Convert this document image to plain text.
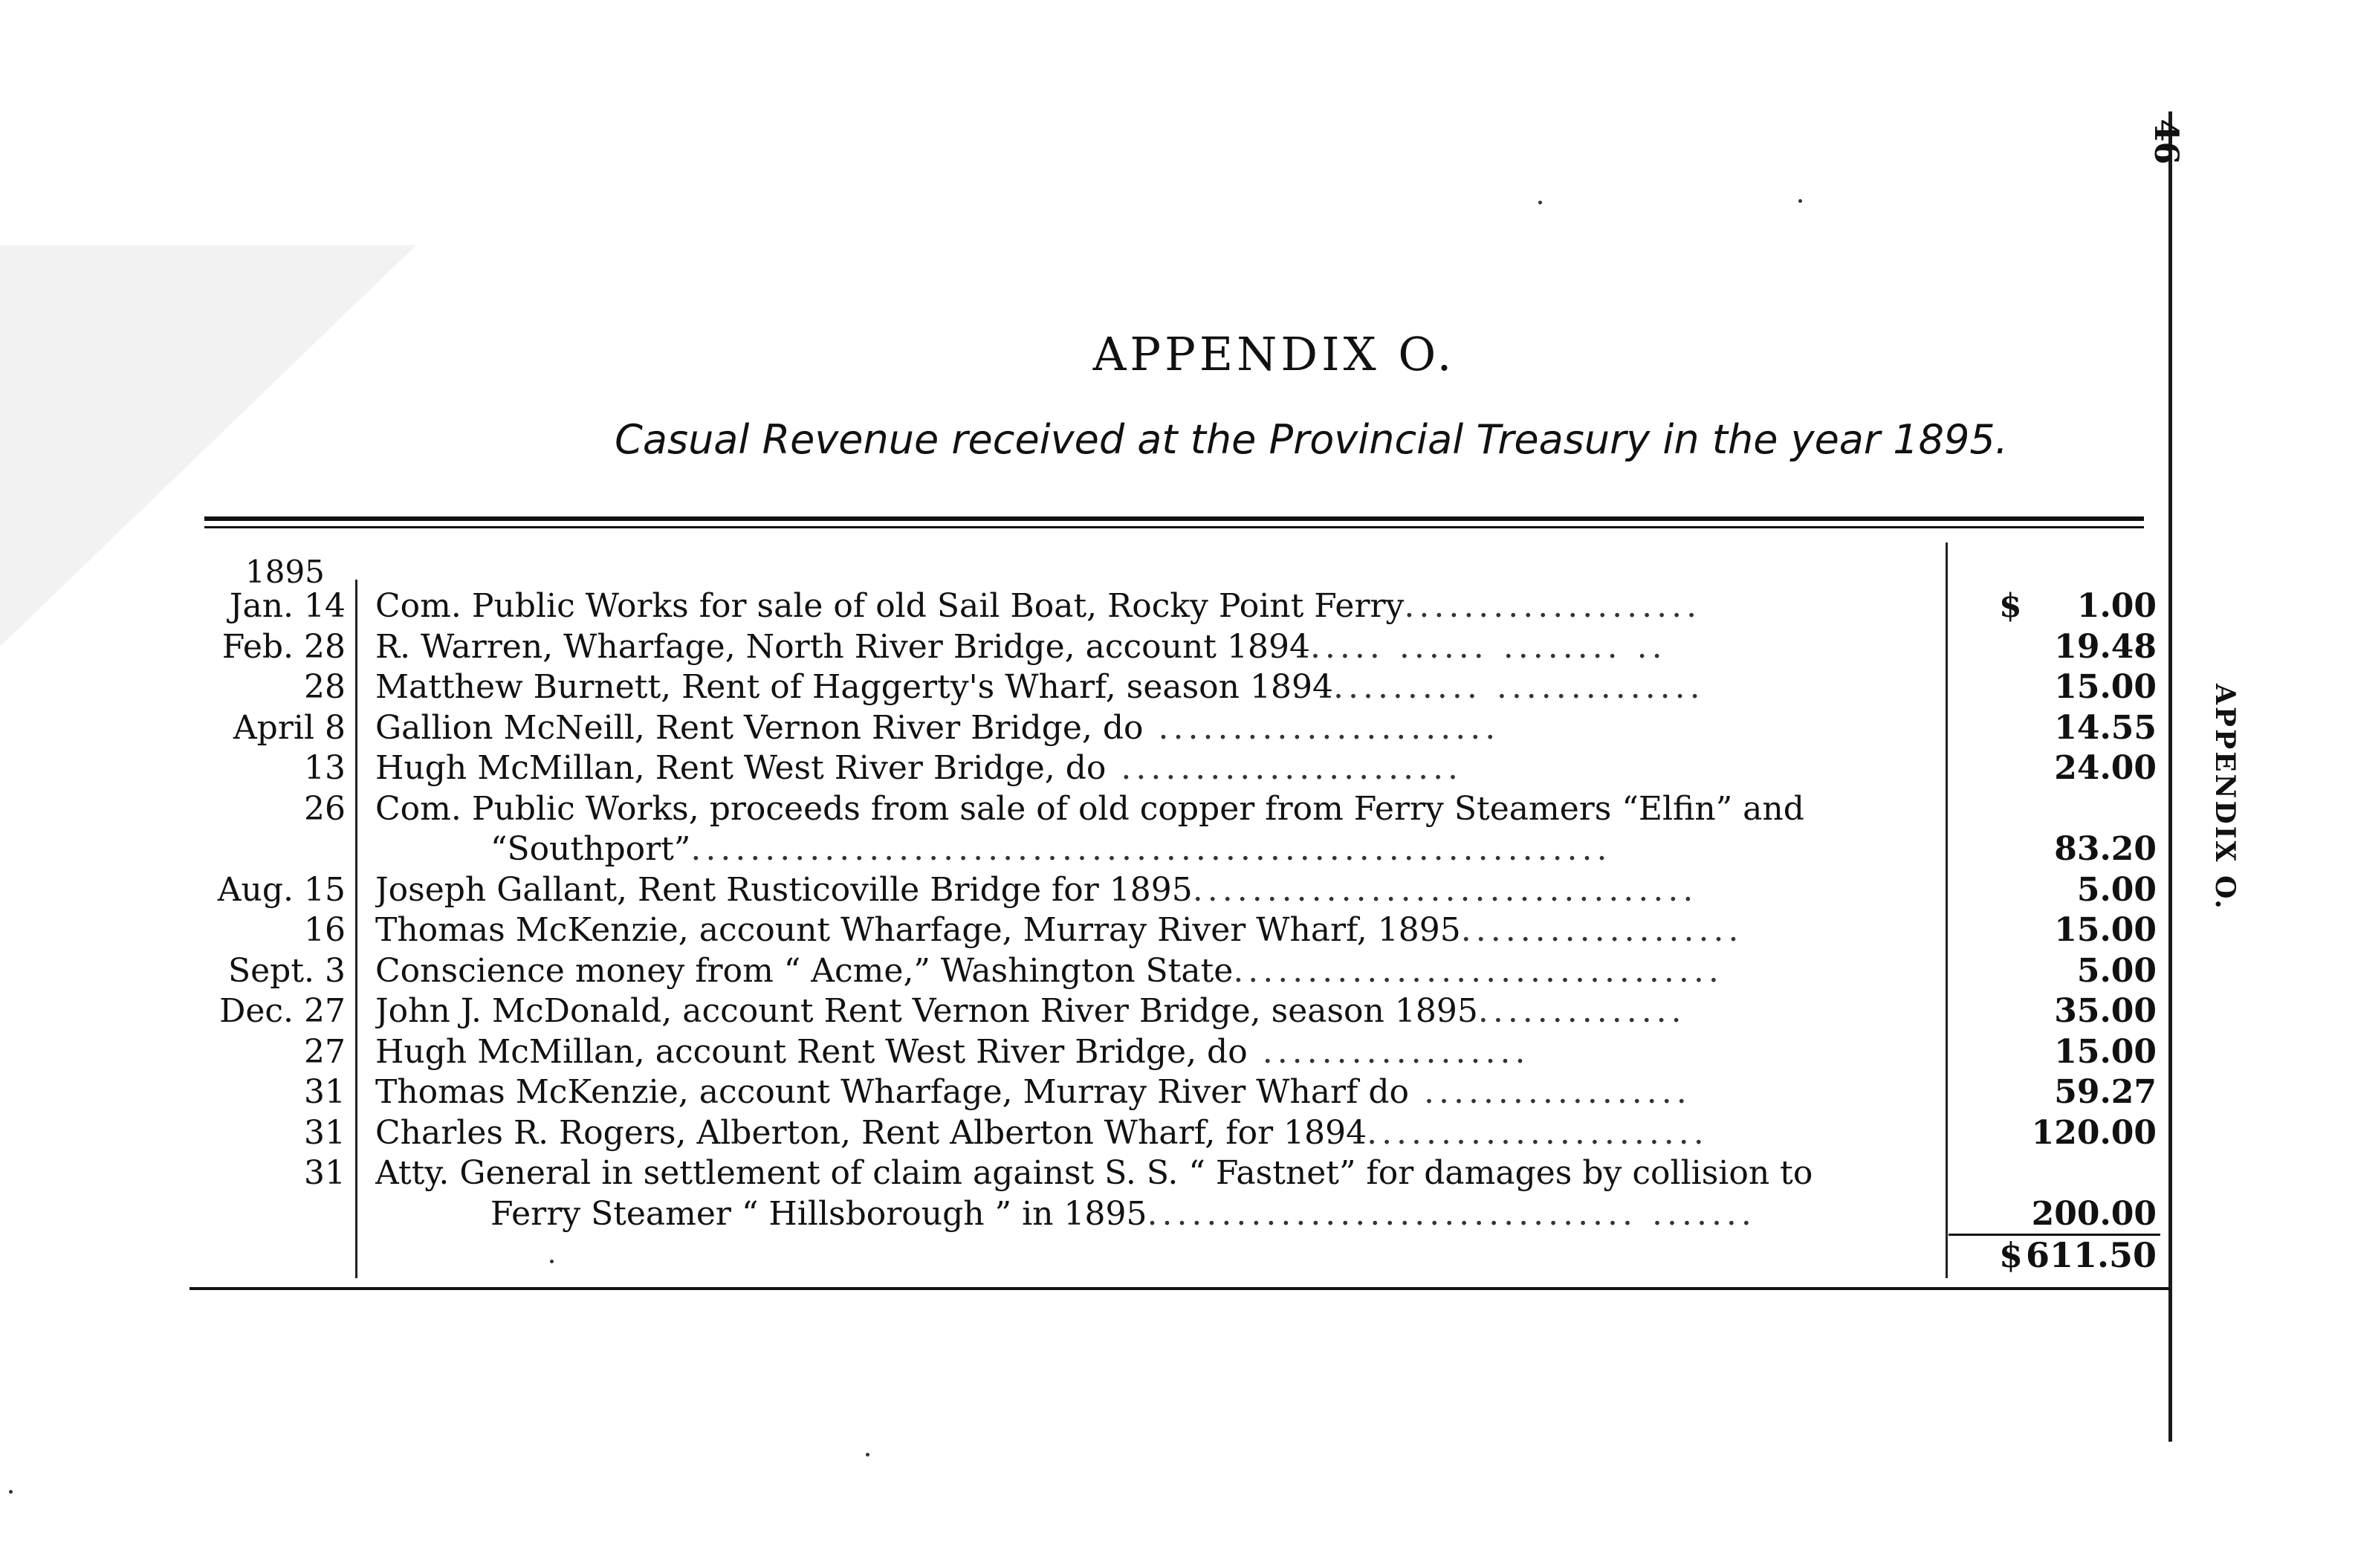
46
APPENDIX O.
APPENDIX O.
Casual Revenue received at the Provincial Treasury in the year 1895.
1895
Jan. 14 Com. Public Works for sale of old Sail Boat, Rocky Point Ferry....................	$	1.00
Feb. 28 R. Warren, Wharfage, North River Bridge, account 1894..... ...... ........ ..	19.48
28 Matthew Burnett, Rent of Haggerty's Wharf, season 1894.......... ..............	15.00
April 8 Gallion McNeill, Rent Vernon River Bridge, do .......................	14.55
13 Hugh McMillan, Rent West River Bridge, do .......................	24.00
26 Com. Public Works, proceeds from sale of old copper from Ferry Steamers “Elfin” and
“Southport”..............................................................	83.20
Aug. 15 Joseph Gallant, Rent Rusticoville Bridge for 1895..................................	5.00
16 Thomas McKenzie, account Wharfage, Murray River Wharf, 1895...................	15.00
Sept. 3 Conscience money from “ Acme,” Washington State.................................	5.00
Dec. 27 John J. McDonald, account Rent Vernon River Bridge, season 1895..............	35.00
27 Hugh McMillan, account Rent West River Bridge, do ..................	15.00
31 Thomas McKenzie, account Wharfage, Murray River Wharf do ..................	59.27
31 Charles R. Rogers, Alberton, Rent Alberton Wharf, for 1894.......................	120.00
31 Atty. General in settlement of claim against S. S. “ Fastnet” for damages by collision to
Ferry Steamer “ Hillsborough ” in 1895................................. .......	200.00
$ 611.50
